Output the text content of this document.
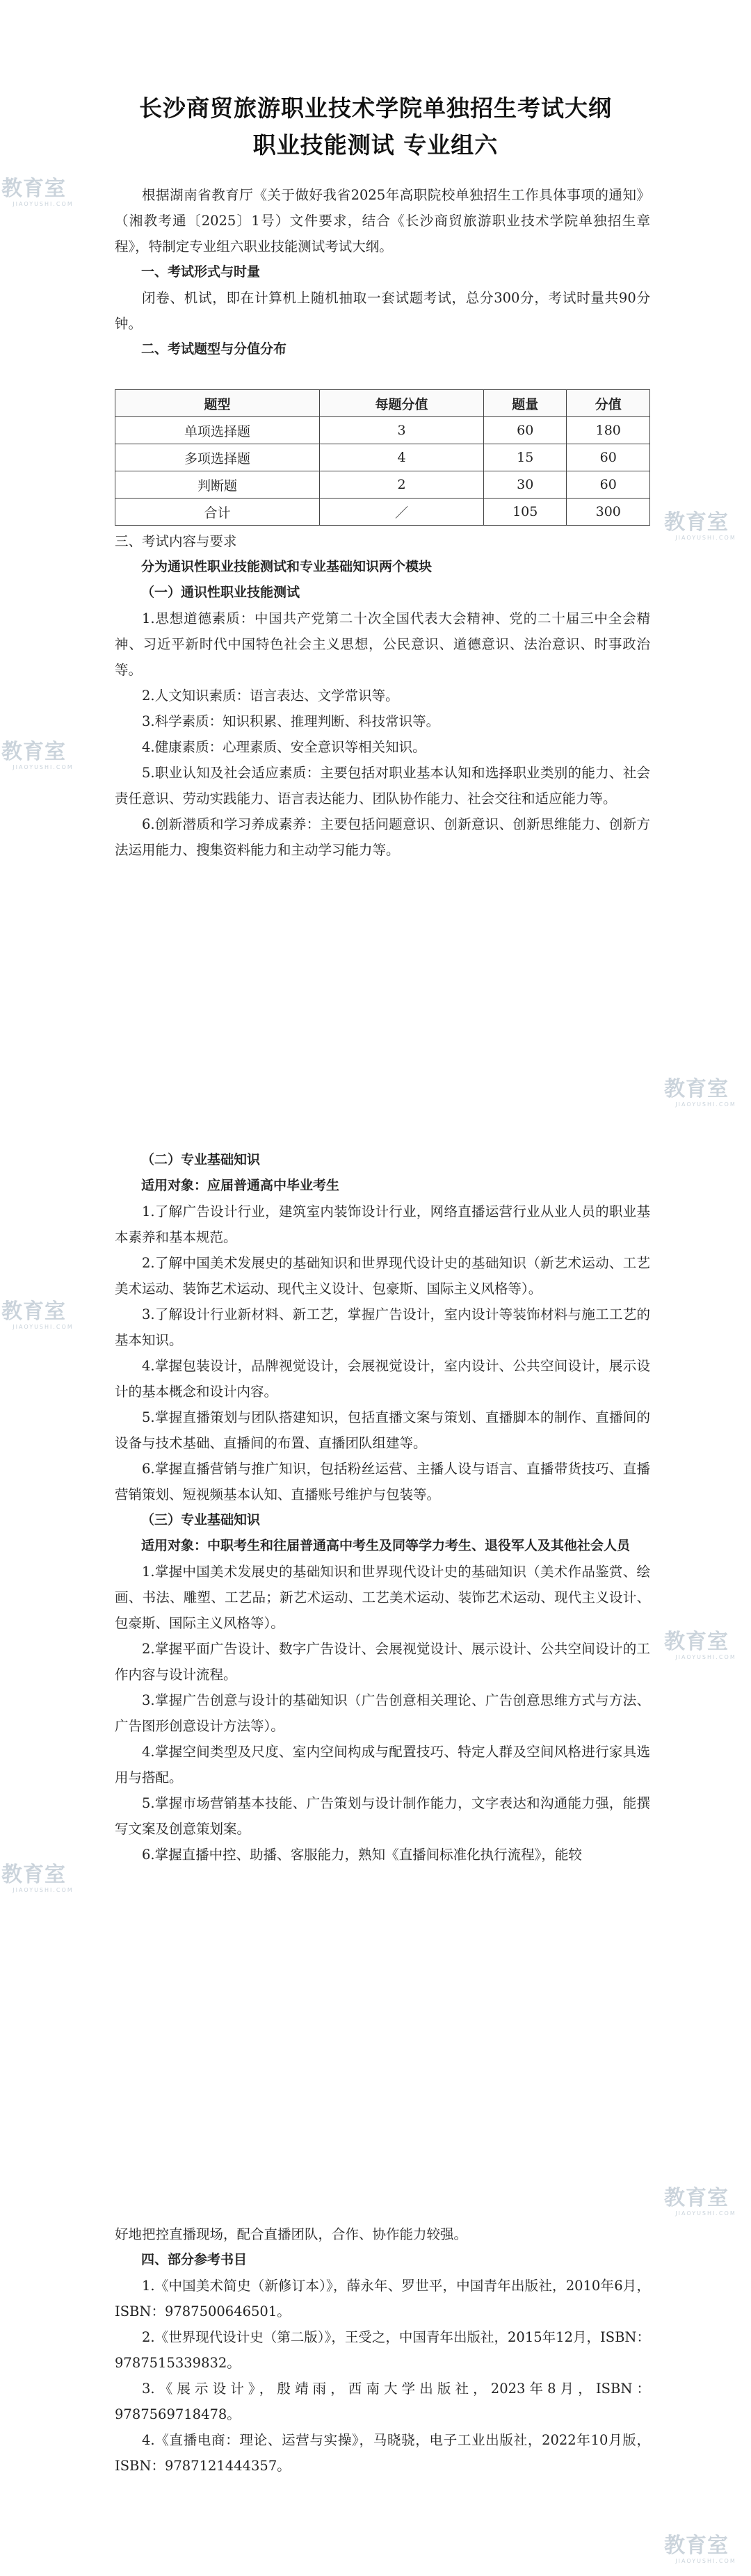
长沙商贸旅游职业技术学院单独招生考试大纲
职业技能测试 专业组六

根据湖南省教育厅《关于做好我省2025年高职院校单独招生工作具体事项的通知》（湘教考通〔2025〕1号）文件要求，结合《长沙商贸旅游职业技术学院单独招生章程》，特制定专业组六职业技能测试考试大纲。

一、考试形式与时量

闭卷、机试，即在计算机上随机抽取一套试题考试，总分300分，考试时量共90分钟。

二、考试题型与分值分布

题型	每题分值	题量	分值
单项选择题	3	60	180
多项选择题	4	15	60
判断题	2	30	60
合计	／	105	300

三、考试内容与要求

分为通识性职业技能测试和专业基础知识两个模块

（一）通识性职业技能测试

1.思想道德素质：中国共产党第二十次全国代表大会精神、党的二十届三中全会精神、习近平新时代中国特色社会主义思想，公民意识、道德意识、法治意识、时事政治等。

2.人文知识素质：语言表达、文学常识等。

3.科学素质：知识积累、推理判断、科技常识等。

4.健康素质：心理素质、安全意识等相关知识。

5.职业认知及社会适应素质：主要包括对职业基本认知和选择职业类别的能力、社会责任意识、劳动实践能力、语言表达能力、团队协作能力、社会交往和适应能力等。

6.创新潜质和学习养成素养：主要包括问题意识、创新意识、创新思维能力、创新方法运用能力、搜集资料能力和主动学习能力等。

（二）专业基础知识

适用对象：应届普通高中毕业考生

1.了解广告设计行业，建筑室内装饰设计行业，网络直播运营行业从业人员的职业基本素养和基本规范。

2.了解中国美术发展史的基础知识和世界现代设计史的基础知识（新艺术运动、工艺美术运动、装饰艺术运动、现代主义设计、包豪斯、国际主义风格等）。

3.了解设计行业新材料、新工艺，掌握广告设计，室内设计等装饰材料与施工工艺的基本知识。

4.掌握包装设计，品牌视觉设计，会展视觉设计，室内设计、公共空间设计，展示设计的基本概念和设计内容。

5.掌握直播策划与团队搭建知识，包括直播文案与策划、直播脚本的制作、直播间的设备与技术基础、直播间的布置、直播团队组建等。

6.掌握直播营销与推广知识，包括粉丝运营、主播人设与语言、直播带货技巧、直播营销策划、短视频基本认知、直播账号维护与包装等。

（三）专业基础知识

适用对象：中职考生和往届普通高中考生及同等学力考生、退役军人及其他社会人员

1.掌握中国美术发展史的基础知识和世界现代设计史的基础知识（美术作品鉴赏、绘画、书法、雕塑、工艺品；新艺术运动、工艺美术运动、装饰艺术运动、现代主义设计、包豪斯、国际主义风格等）。

2.掌握平面广告设计、数字广告设计、会展视觉设计、展示设计、公共空间设计的工作内容与设计流程。

3.掌握广告创意与设计的基础知识（广告创意相关理论、广告创意思维方式与方法、广告图形创意设计方法等）。

4.掌握空间类型及尺度、室内空间构成与配置技巧、特定人群及空间风格进行家具选用与搭配。

5.掌握市场营销基本技能、广告策划与设计制作能力，文字表达和沟通能力强，能撰写文案及创意策划案。

6.掌握直播中控、助播、客服能力，熟知《直播间标准化执行流程》，能较

好地把控直播现场，配合直播团队，合作、协作能力较强。

四、部分参考书目

1.《中国美术简史（新修订本）》，薛永年、罗世平，中国青年出版社，2010年6月，ISBN：9787500646501。

2.《世界现代设计史（第二版）》，王受之，中国青年出版社，2015年12月，ISBN：9787515339832。

3.《展示设计》，殷靖雨，西南大学出版社，2023年8月，ISBN：9787569718478。

4.《直播电商：理论、运营与实操》，马晓骁，电子工业出版社，2022年10月版，ISBN：9787121444357。

教育室
JIAOYUSHI.COM
教育室
JIAOYUSHI.COM
教育室
JIAOYUSHI.COM
教育室
JIAOYUSHI.COM
教育室
JIAOYUSHI.COM
教育室
JIAOYUSHI.COM
教育室
JIAOYUSHI.COM
教育室
JIAOYUSHI.COM
教育室
JIAOYUSHI.COM
